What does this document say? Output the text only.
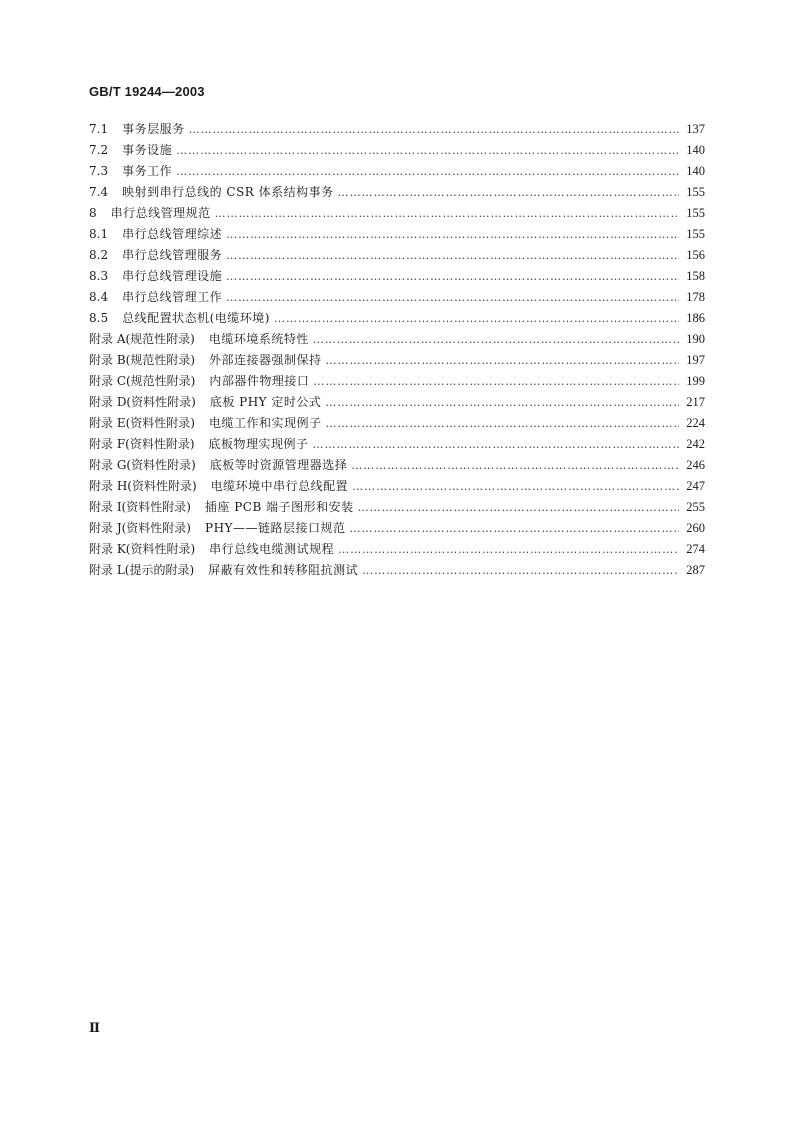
GB/T 19244—2003
7.1 事务层服务 ………………………………………………………………………………………………………………………………………………………………………………………………………………………………	137
7.2 事务设施 ………………………………………………………………………………………………………………………………………………………………………………………………………………………………	140
7.3 事务工作 ………………………………………………………………………………………………………………………………………………………………………………………………………………………………	140
7.4 映射到串行总线的 CSR 体系结构事务 ………………………………………………………………………………………………………………………………………………………………………………………………………………………………	155
8 串行总线管理规范 ………………………………………………………………………………………………………………………………………………………………………………………………………………………………	155
8.1 串行总线管理综述 ………………………………………………………………………………………………………………………………………………………………………………………………………………………………	155
8.2 串行总线管理服务 ………………………………………………………………………………………………………………………………………………………………………………………………………………………………	156
8.3 串行总线管理设施 ………………………………………………………………………………………………………………………………………………………………………………………………………………………………	158
8.4 串行总线管理工作 ………………………………………………………………………………………………………………………………………………………………………………………………………………………………	178
8.5 总线配置状态机(电缆环境) ………………………………………………………………………………………………………………………………………………………………………………………………………………………………	186
附录 A(规范性附录) 电缆环境系统特性 ………………………………………………………………………………………………………………………………………………………………………………………………………………………………	190
附录 B(规范性附录) 外部连接器强制保持 ………………………………………………………………………………………………………………………………………………………………………………………………………………………………	197
附录 C(规范性附录) 内部器件物理接口 ………………………………………………………………………………………………………………………………………………………………………………………………………………………………	199
附录 D(资料性附录) 底板 PHY 定时公式 ………………………………………………………………………………………………………………………………………………………………………………………………………………………………	217
附录 E(资料性附录) 电缆工作和实现例子 ………………………………………………………………………………………………………………………………………………………………………………………………………………………………	224
附录 F(资料性附录) 底板物理实现例子 ………………………………………………………………………………………………………………………………………………………………………………………………………………………………	242
附录 G(资料性附录) 底板等时资源管理器选择 ………………………………………………………………………………………………………………………………………………………………………………………………………………………………	246
附录 H(资料性附录) 电缆环境中串行总线配置 ………………………………………………………………………………………………………………………………………………………………………………………………………………………………	247
附录 I(资料性附录) 插座 PCB 端子图形和安装 ………………………………………………………………………………………………………………………………………………………………………………………………………………………………	255
附录 J(资料性附录) PHY——链路层接口规范 ………………………………………………………………………………………………………………………………………………………………………………………………………………………………	260
附录 K(资料性附录) 串行总线电缆测试规程 ………………………………………………………………………………………………………………………………………………………………………………………………………………………………	274
附录 L(提示的附录) 屏蔽有效性和转移阻抗测试 ………………………………………………………………………………………………………………………………………………………………………………………………………………………………	287
Ⅱ
